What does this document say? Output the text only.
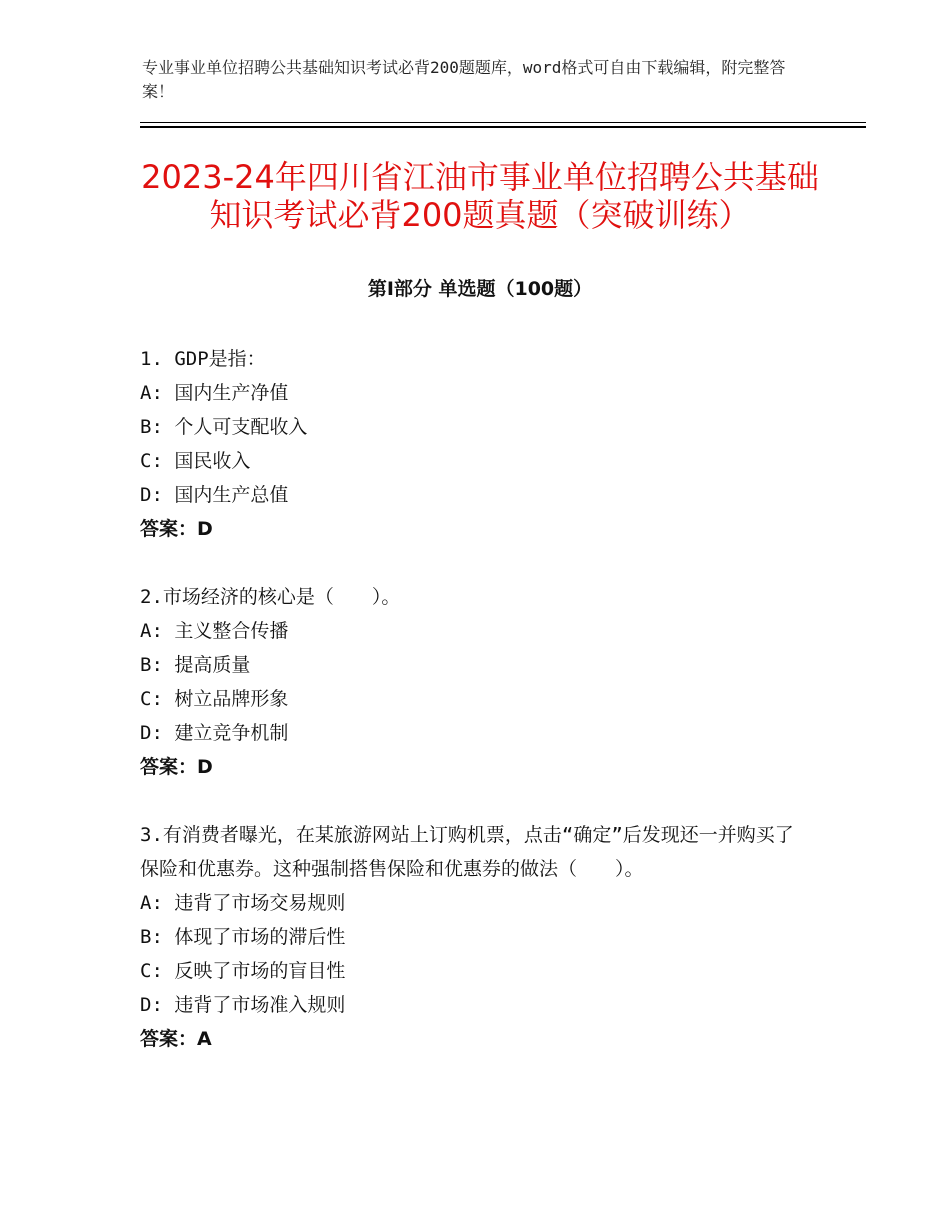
专业事业单位招聘公共基础知识考试必背200题题库，word格式可自由下载编辑，附完整答案！
2023-24年四川省江油市事业单位招聘公共基础知识考试必背200题真题（突破训练）
第Ⅰ部分 单选题（100题）
1. GDP是指：
A: 国内生产净值
B: 个人可支配收入
C: 国民收入
D: 国内生产总值
答案：D
2.市场经济的核心是（　　）。
A: 主义整合传播
B: 提高质量
C: 树立品牌形象
D: 建立竞争机制
答案：D
3.有消费者曝光，在某旅游网站上订购机票，点击“确定”后发现还一并购买了保险和优惠券。这种强制搭售保险和优惠券的做法（　　）。
A: 违背了市场交易规则
B: 体现了市场的滞后性
C: 反映了市场的盲目性
D: 违背了市场准入规则
答案：A
